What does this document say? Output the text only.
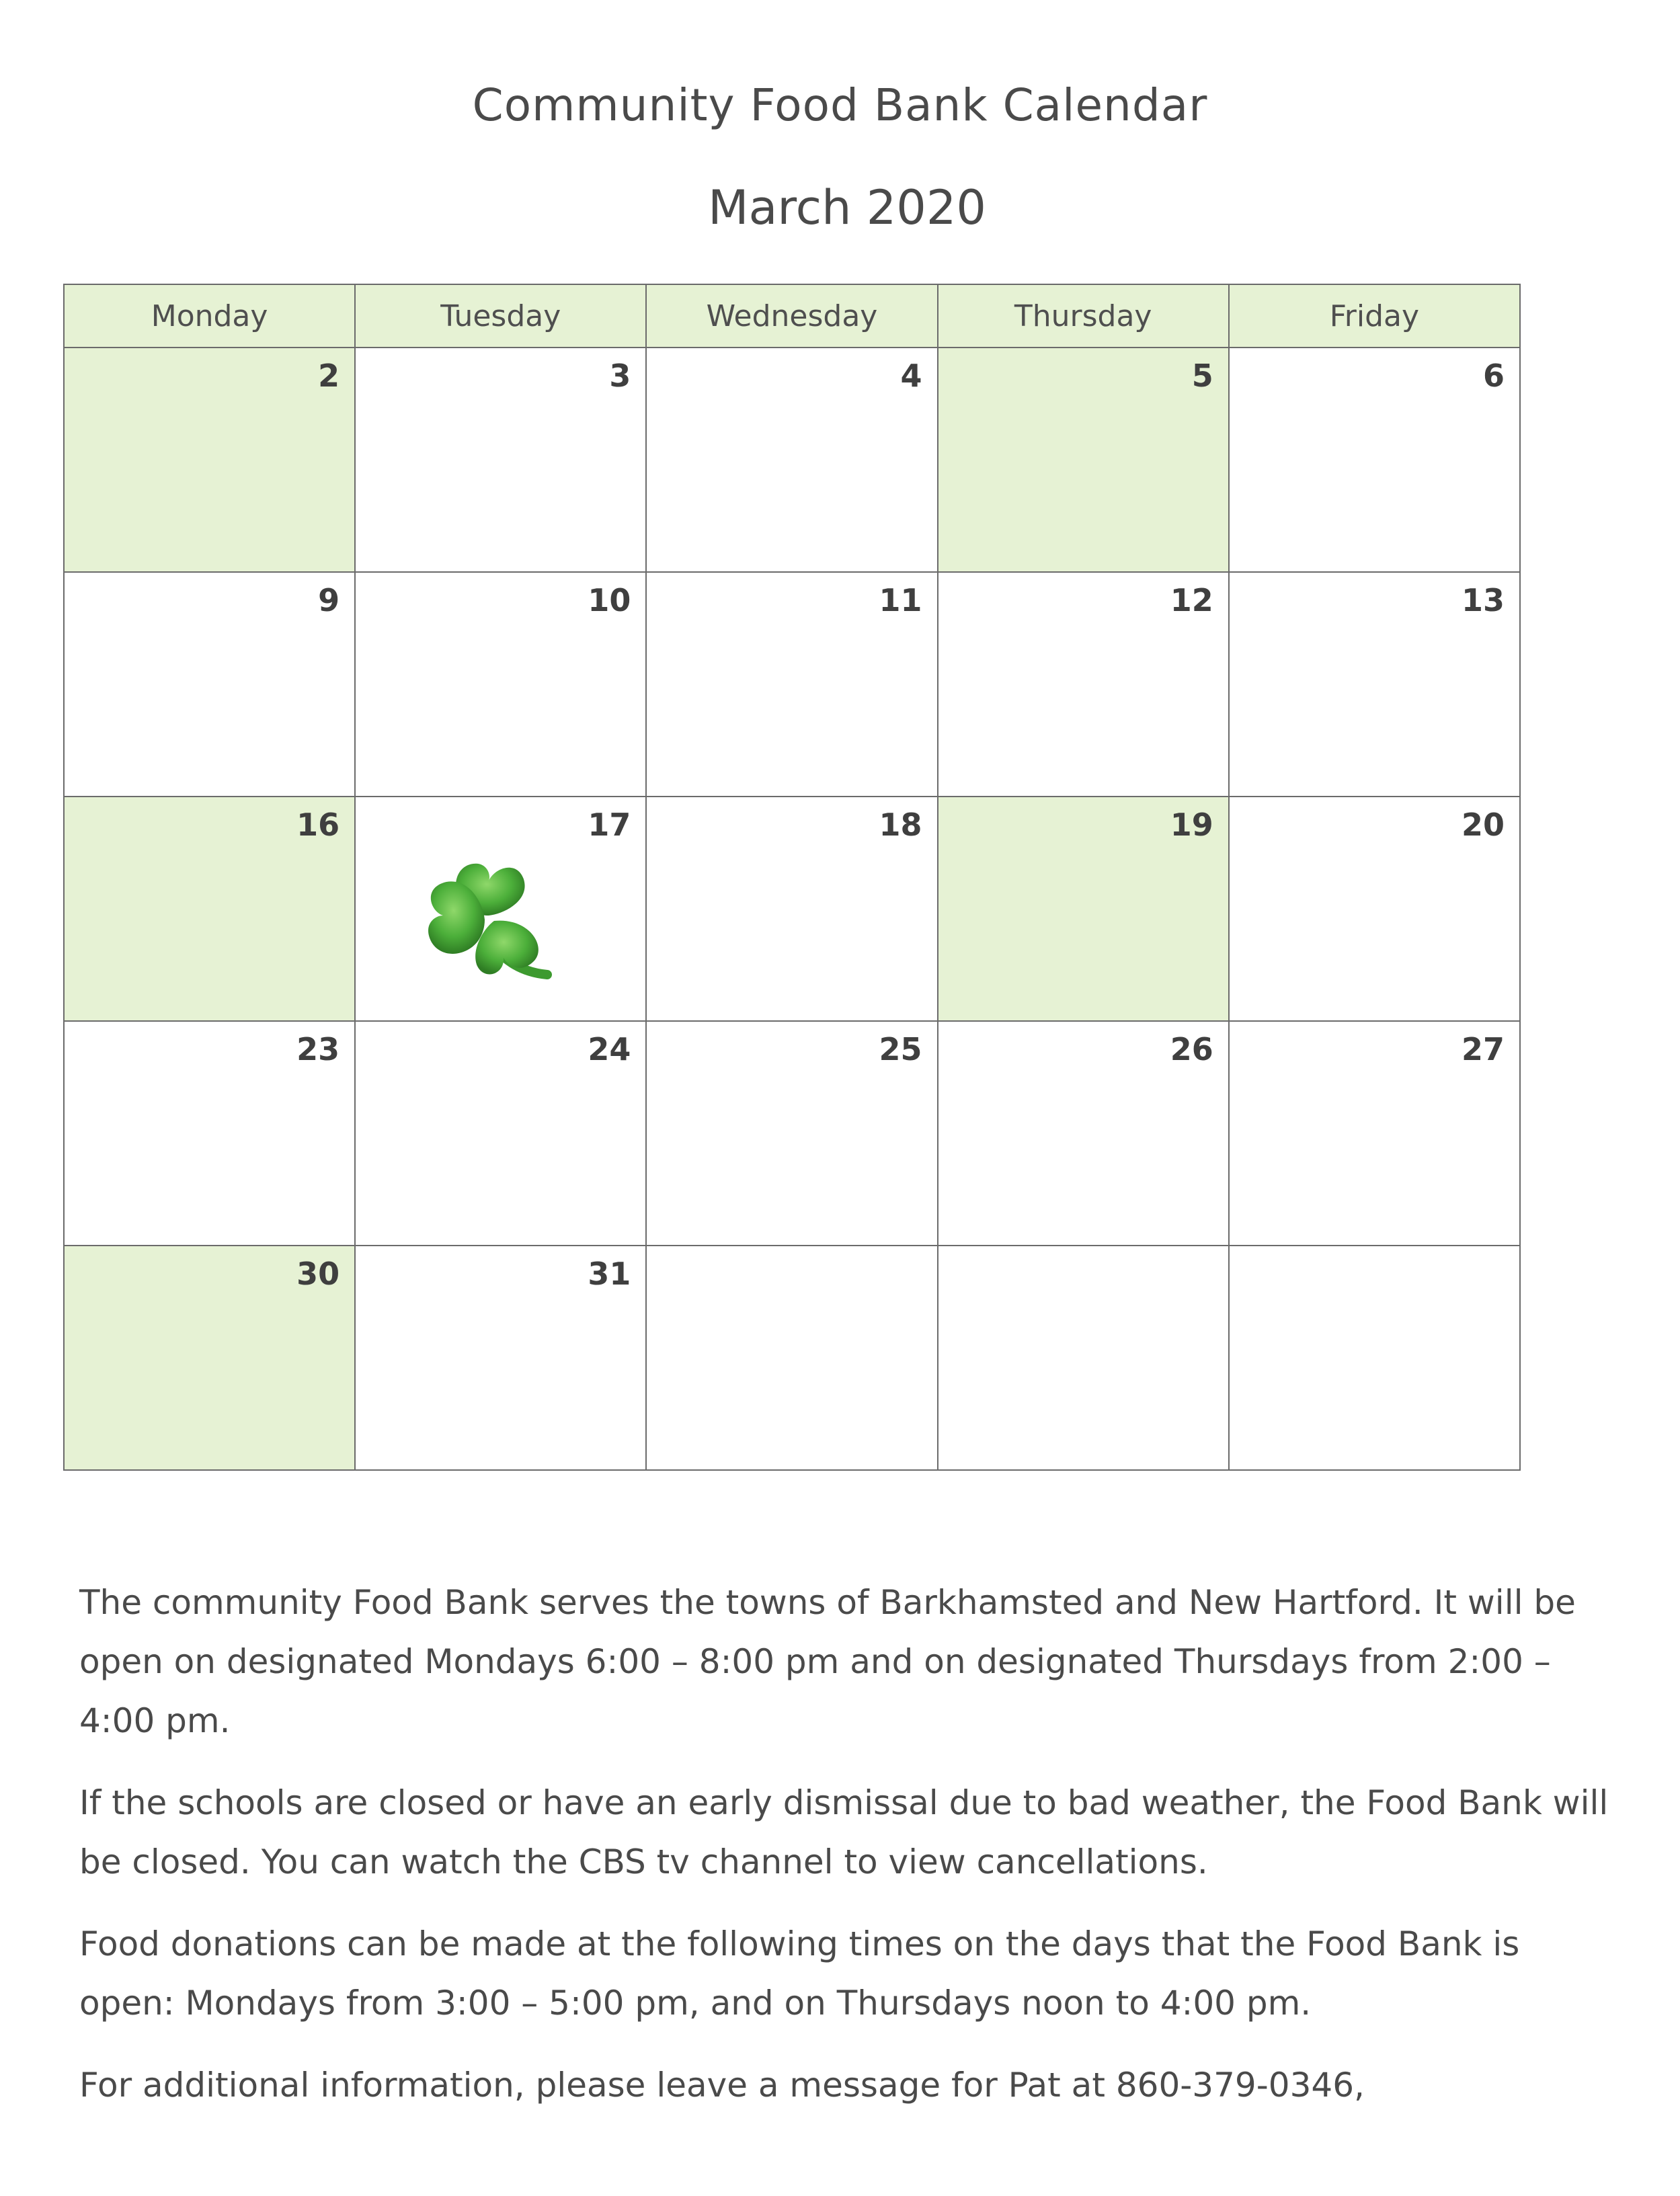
Community Food Bank Calendar
March 2020
Monday	Tuesday	Wednesday	Thursday	Friday

2	3	4	5	6

9	10	11	12	13

16	17	18	19	20

23	24	25	26	27

30	31			

The community Food Bank serves the towns of Barkhamsted and New Hartford. It will be open on designated Mondays 6:00 – 8:00 pm and on designated Thursdays from 2:00 – 4:00 pm.

If the schools are closed or have an early dismissal due to bad weather, the Food Bank will be closed. You can watch the CBS tv channel to view cancellations.

Food donations can be made at the following times on the days that the Food Bank is open: Mondays from 3:00 – 5:00 pm, and on Thursdays noon to 4:00 pm.

For additional information, please leave a message for Pat at 860-379-0346,
